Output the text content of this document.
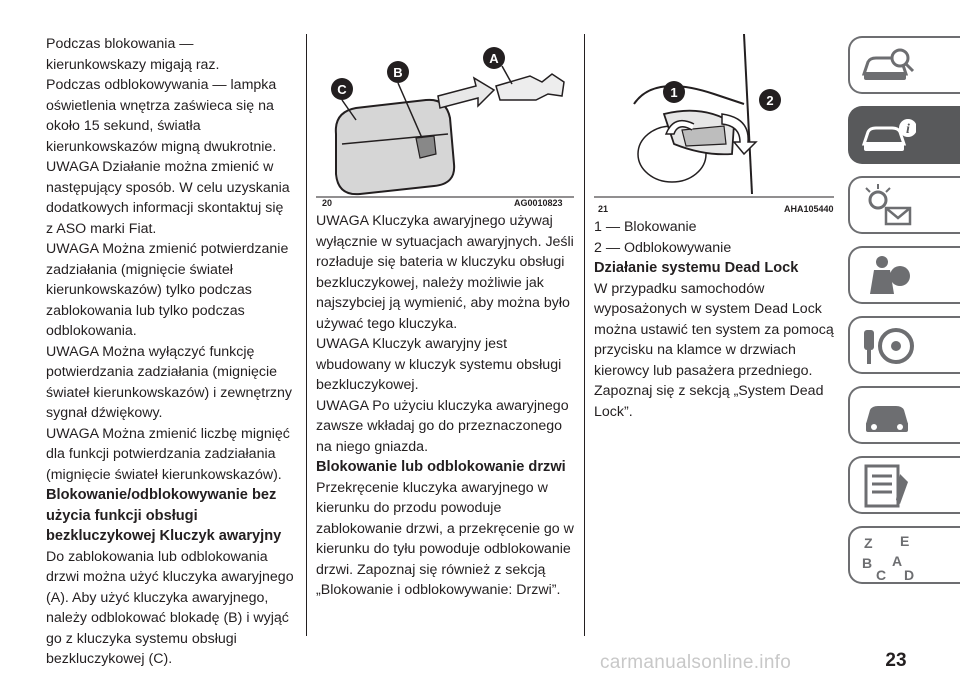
Podczas blokowania — kierunkowskazy migają raz.

Podczas odblokowywania — lampka oświetlenia wnętrza zaświeca się na około 15 sekund, światła kierunkowskazów migną dwukrotnie.

UWAGA Działanie można zmienić w następujący sposób. W celu uzyskania dodatkowych informacji skontaktuj się z ASO marki Fiat.

UWAGA Można zmienić potwierdzanie zadziałania (mignięcie świateł kierunkowskazów) tylko podczas zablokowania lub tylko podczas odblokowania.

UWAGA Można wyłączyć funkcję potwierdzania zadziałania (mignięcie świateł kierunkowskazów) i zewnętrzny sygnał dźwiękowy.

UWAGA Można zmienić liczbę mignięć dla funkcji potwierdzania zadziałania (mignięcie świateł kierunkowskazów).

Blokowanie/odblokowywanie bez użycia funkcji obsługi bezkluczykowej Kluczyk awaryjny

Do zablokowania lub odblokowania drzwi można użyć kluczyka awaryjnego (A). Aby użyć kluczyka awaryjnego, należy odblokować blokadę (B) i wyjąć go z kluczyka systemu obsługi bezkluczykowej (C).

C
B
A
20	AG0010823

UWAGA Kluczyka awaryjnego używaj wyłącznie w sytuacjach awaryjnych. Jeśli rozładuje się bateria w kluczyku obsługi bezkluczykowej, należy możliwie jak najszybciej ją wymienić, aby można było używać tego kluczyka.

UWAGA Kluczyk awaryjny jest wbudowany w kluczyk systemu obsługi bezkluczykowej.

UWAGA Po użyciu kluczyka awaryjnego zawsze wkładaj go do przeznaczonego na niego gniazda.

Blokowanie lub odblokowanie drzwi

Przekręcenie kluczyka awaryjnego w kierunku do przodu powoduje zablokowanie drzwi, a przekręcenie go w kierunku do tyłu powoduje odblokowanie drzwi. Zapoznaj się również z sekcją „Blokowanie i odblokowywanie: Drzwi”.

1
2
21	AHA105440

1 — Blokowanie

2 — Odblokowywanie

Działanie systemu Dead Lock

W przypadku samochodów wyposażonych w system Dead Lock można ustawić ten system za pomocą przycisku na klamce w drzwiach kierowcy lub pasażera przedniego. Zapoznaj się z sekcją „System Dead Lock”.

i
Z E
B A
C D
23
carmanualsonline.info
